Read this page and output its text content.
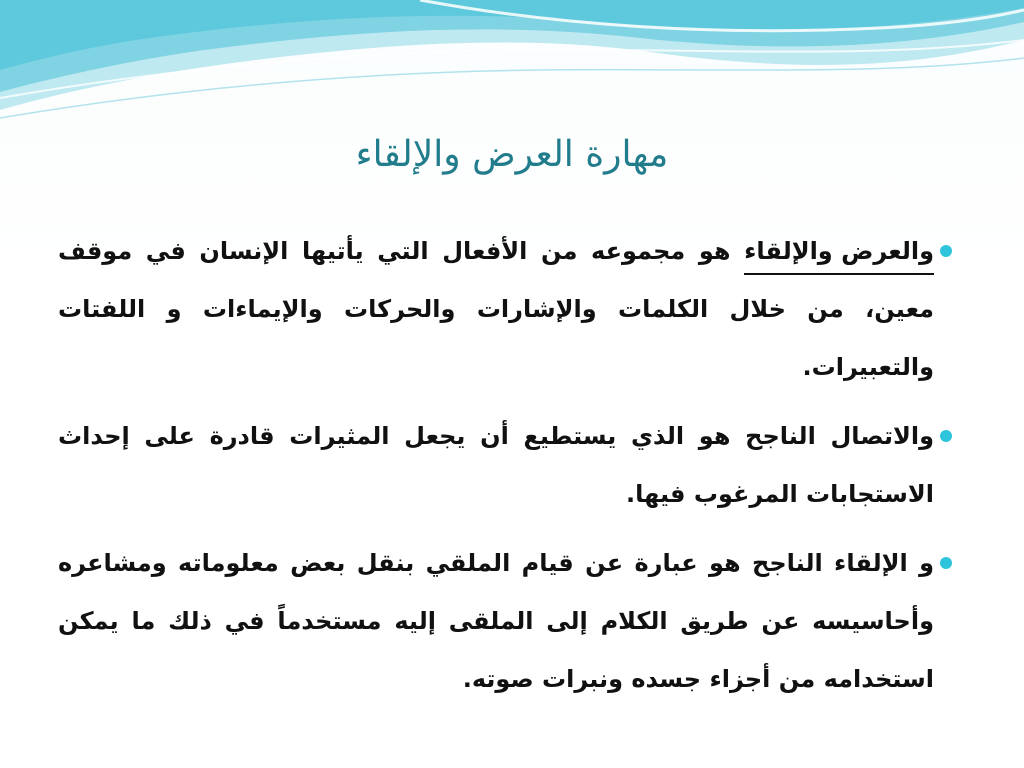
مهارة العرض والإلقاء
والعرض والإلقاء هو مجموعه من الأفعال التي يأتيها الإنسان في موقف معين، من خلال الكلمات والإشارات والحركات والإيماءات و اللفتات والتعبيرات.
والاتصال الناجح هو الذي يستطيع أن يجعل المثيرات قادرة على إحداث الاستجابات المرغوب فيها.
و الإلقاء الناجح هو عبارة عن قيام الملقي بنقل بعض معلوماته ومشاعره وأحاسيسه عن طريق الكلام إلى الملقى إليه مستخدماً في ذلك ما يمكن استخدامه من أجزاء جسده ونبرات صوته.
